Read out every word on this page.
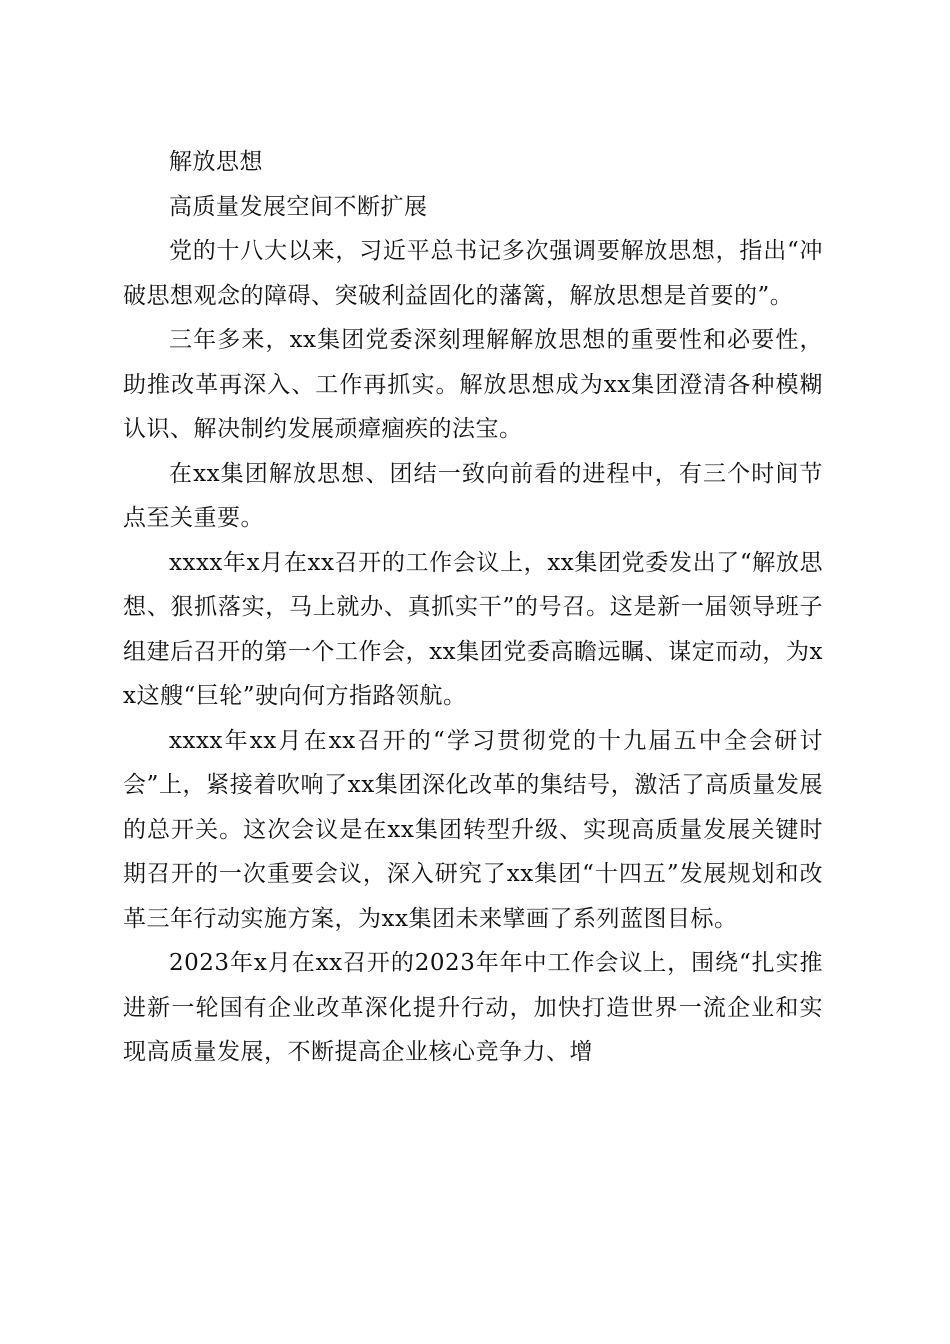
解放思想

高质量发展空间不断扩展

党的十八大以来，习近平总书记多次强调要解放思想，指出“冲破思想观念的障碍、突破利益固化的藩篱，解放思想是首要的”。

三年多来，xx集团党委深刻理解解放思想的重要性和必要性，助推改革再深入、工作再抓实。解放思想成为xx集团澄清各种模糊认识、解决制约发展顽瘴痼疾的法宝。

在xx集团解放思想、团结一致向前看的进程中，有三个时间节点至关重要。

xxxx年x月在xx召开的工作会议上，xx集团党委发出了“解放思想、狠抓落实，马上就办、真抓实干”的号召。这是新一届领导班子组建后召开的第一个工作会，xx集团党委高瞻远瞩、谋定而动，为xx这艘“巨轮”驶向何方指路领航。

xxxx年xx月在xx召开的“学习贯彻党的十九届五中全会研讨会”上，紧接着吹响了xx集团深化改革的集结号，激活了高质量发展的总开关。这次会议是在xx集团转型升级、实现高质量发展关键时期召开的一次重要会议，深入研究了xx集团“十四五”发展规划和改革三年行动实施方案，为xx集团未来擘画了系列蓝图目标。

2023年x月在xx召开的2023年年中工作会议上，围绕“扎实推进新一轮国有企业改革深化提升行动，加快打造世界一流企业和实现高质量发展，不断提高企业核心竞争力、增
